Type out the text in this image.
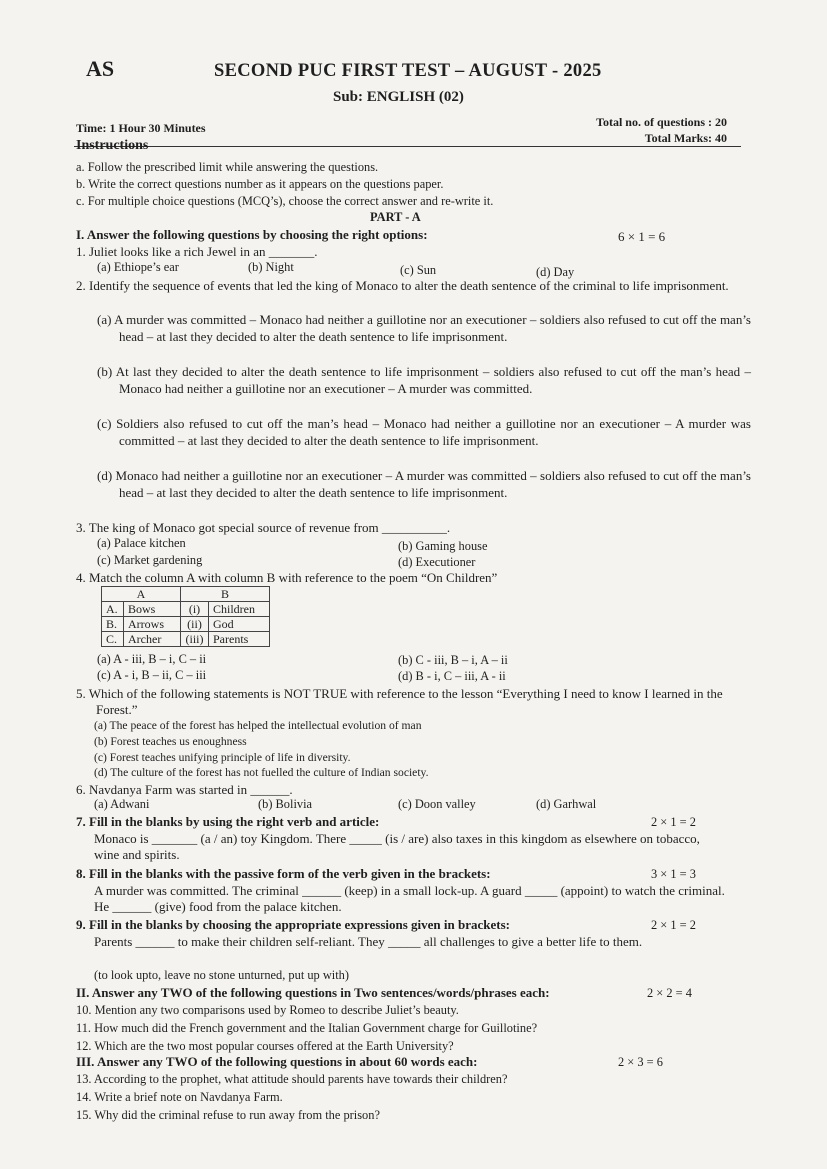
AS	SECOND PUC FIRST TEST – AUGUST - 2025
Sub: ENGLISH (02)
Time: 1 Hour 30 Minutes	Total no. of questions : 20
Total Marks: 40
Instructions
a. Follow the prescribed limit while answering the questions.
b. Write the correct questions number as it appears on the questions paper.
c. For multiple choice questions (MCQ’s), choose the correct answer and re-write it.
PART - A
I. Answer the following questions by choosing the right options:	6 × 1 = 6
1. Juliet looks like a rich Jewel in an _______.
(a) Ethiope’s ear	(b) Night	(c) Sun	(d) Day
2. Identify the sequence of events that led the king of Monaco to alter the death sentence of the criminal to life imprisonment.
(a) A murder was committed – Monaco had neither a guillotine nor an executioner – soldiers also refused to cut off the man’s head – at last they decided to alter the death sentence to life imprisonment.
(b) At last they decided to alter the death sentence to life imprisonment – soldiers also refused to cut off the man’s head – Monaco had neither a guillotine nor an executioner – A murder was committed.
(c) Soldiers also refused to cut off the man’s head – Monaco had neither a guillotine nor an executioner – A murder was committed – at last they decided to alter the death sentence to life imprisonment.
(d) Monaco had neither a guillotine nor an executioner – A murder was committed – soldiers also refused to cut off the man’s head – at last they decided to alter the death sentence to life imprisonment.
3. The king of Monaco got special source of revenue from __________.
(a) Palace kitchen	(b) Gaming house
(c) Market gardening	(d) Executioner
4. Match the column A with column B with reference to the poem “On Children”
A		B	
A.	Bows	(i)	Children
B.	Arrows	(ii)	God
C.	Archer	(iii)	Parents
(a) A - iii, B – i, C – ii	(b) C - iii, B – i, A – ii
(c) A - i, B – ii, C – iii	(d) B - i, C – iii, A - ii
5. Which of the following statements is NOT TRUE with reference to the lesson “Everything I need to know I learned in the Forest.”
(a) The peace of the forest has helped the intellectual evolution of man
(b) Forest teaches us enoughness
(c) Forest teaches unifying principle of life in diversity.
(d) The culture of the forest has not fuelled the culture of Indian society.
6. Navdanya Farm was started in ______.
(a) Adwani	(b) Bolivia	(c) Doon valley	(d) Garhwal
7. Fill in the blanks by using the right verb and article:	2 × 1 = 2
Monaco is _______ (a / an) toy Kingdom. There _____ (is / are) also taxes in this kingdom as elsewhere on tobacco, wine and spirits.
8. Fill in the blanks with the passive form of the verb given in the brackets:	3 × 1 = 3
A murder was committed. The criminal ______ (keep) in a small lock-up. A guard _____ (appoint) to watch the criminal. He ______ (give) food from the palace kitchen.
9. Fill in the blanks by choosing the appropriate expressions given in brackets:	2 × 1 = 2
Parents ______ to make their children self-reliant. They _____ all challenges to give a better life to them.
(to look upto, leave no stone unturned, put up with)
II. Answer any TWO of the following questions in Two sentences/words/phrases each:	2 × 2 = 4
10. Mention any two comparisons used by Romeo to describe Juliet’s beauty.
11. How much did the French government and the Italian Government charge for Guillotine?
12. Which are the two most popular courses offered at the Earth University?
III. Answer any TWO of the following questions in about 60 words each:	2 × 3 = 6
13. According to the prophet, what attitude should parents have towards their children?
14. Write a brief note on Navdanya Farm.
15. Why did the criminal refuse to run away from the prison?
